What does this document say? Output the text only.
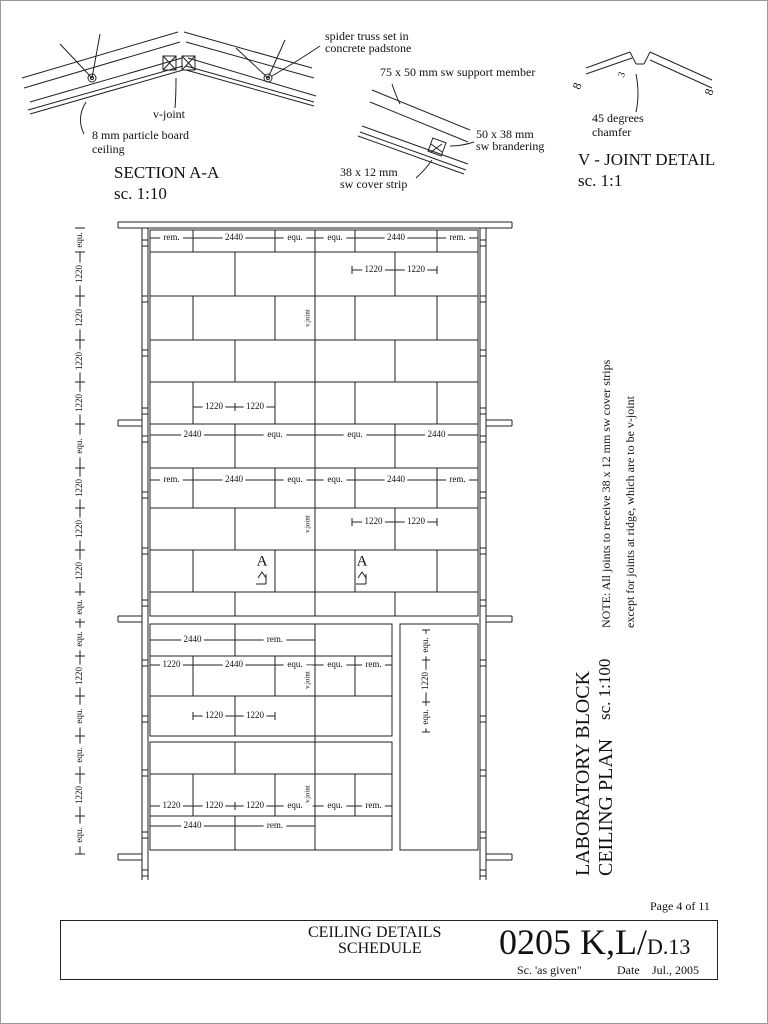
rem.	2440	equ.	equ.	2440	rem.
1220	1220
1220	1220
2440	equ.	equ.	2440
rem.	2440	equ.	equ.	2440	rem.
1220	1220
v.joint
v.joint
2440	rem.
1220	2440	equ.	equ.	rem.
1220	1220
1220	1220	1220	equ.	equ.	rem.
2440	rem.
v.joint
v.joint
equ.
1220
equ.
A	A
equ.
1220
1220
1220
1220
equ.
1220
1220
1220
equ.
equ.
1220
equ.
equ.
1220
equ.
spider truss set in
concrete padstone
v-joint
8 mm particle board
ceiling
SECTION A-A
sc. 1:10
75 x 50 mm sw support member
50 x 38 mm
sw brandering
38 x 12 mm
sw cover strip
8
8
3
45 degrees
chamfer
V - JOINT DETAIL
sc. 1:1
NOTE: All joints to receive 38 x 12 mm sw cover strips except for joints at ridge, which are to be v-joint
LABORATORY BLOCK CEILING PLAN
sc. 1:100
Page 4 of 11
CEILING DETAILS
SCHEDULE 0205 K,L/D.13
Sc. 'as given"	Date Jul., 2005
